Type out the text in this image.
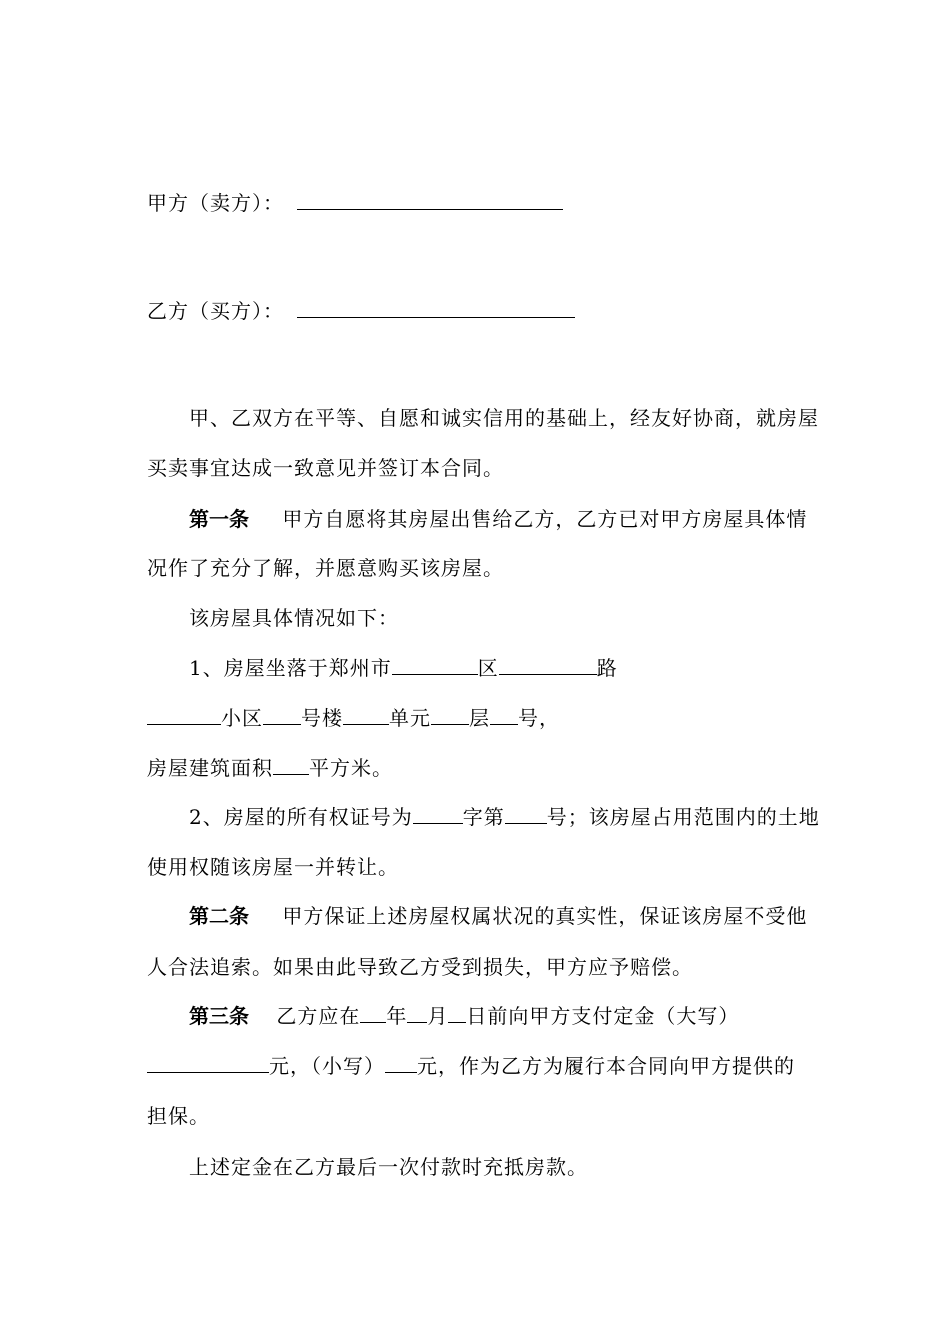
甲方（卖方）：
乙方（买方）：
甲、乙双方在平等、自愿和诚实信用的基础上，经友好协商，就房屋
买卖事宜达成一致意见并签订本合同。
第一条 甲方自愿将其房屋出售给乙方，乙方已对甲方房屋具体情
况作了充分了解，并愿意购买该房屋。
该房屋具体情况如下：
1、房屋坐落于郑州市	区	路
小区 号楼 单元 层 号，
房屋建筑面积 平方米。
2、房屋的所有权证号为	字第 号；该房屋占用范围内的土地
使用权随该房屋一并转让。
第二条 甲方保证上述房屋权属状况的真实性，保证该房屋不受他
人合法追索。如果由此导致乙方受到损失，甲方应予赔偿。
第三条 乙方应在 年 月 日前向甲方支付定金（大写）
元，（小写） 元，作为乙方为履行本合同向甲方提供的
担保。
上述定金在乙方最后一次付款时充抵房款。
